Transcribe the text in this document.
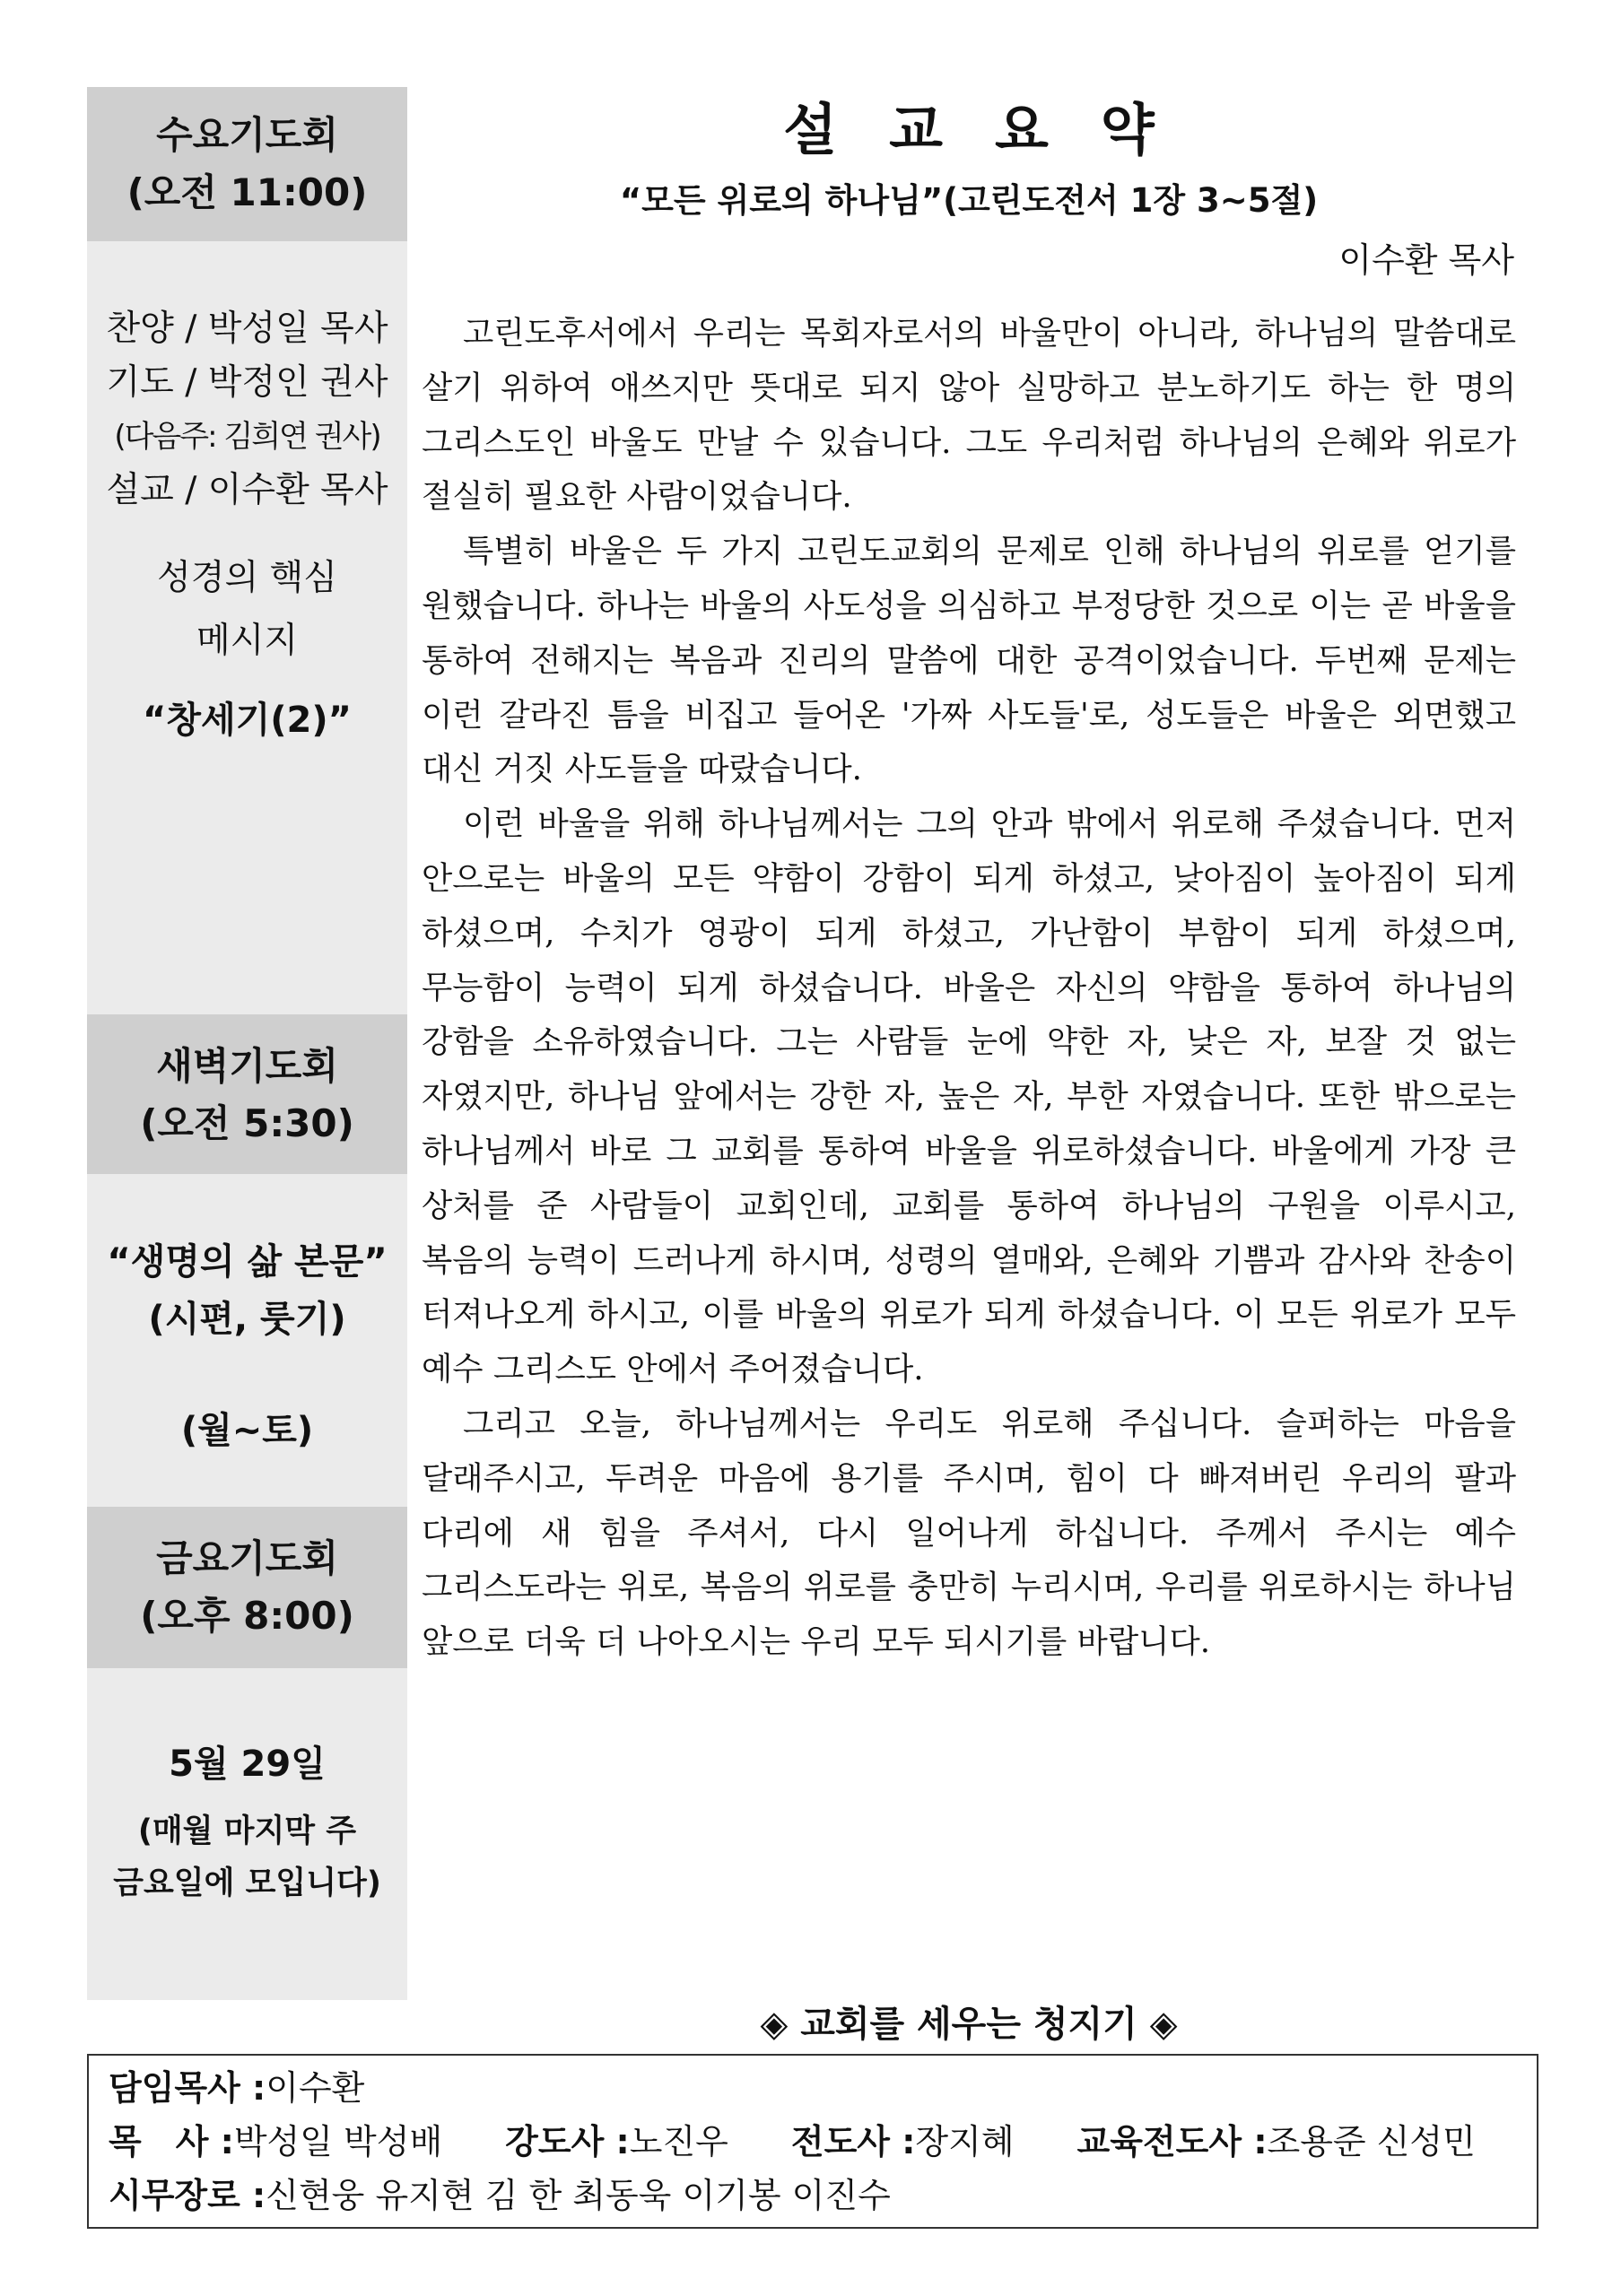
수요기도회
(오전 11:00)
찬양 / 박성일 목사
기도 / 박정인 권사
(다음주: 김희연 권사)
설교 / 이수환 목사
성경의 핵심
메시지
“창세기(2)”
새벽기도회
(오전 5:30)
“생명의 삶 본문”
(시편, 룻기)
(월~토)
금요기도회
(오후 8:00)
5월 29일
(매월 마지막 주
금요일에 모입니다)
설교요약
“모든 위로의 하나님”(고린도전서 1장 3~5절)
이수환 목사

고린도후서에서 우리는 목회자로서의 바울만이 아니라, 하나님의 말씀대로 살기 위하여 애쓰지만 뜻대로 되지 않아 실망하고 분노하기도 하는 한 명의 그리스도인 바울도 만날 수 있습니다. 그도 우리처럼 하나님의 은혜와 위로가 절실히 필요한 사람이었습니다.

특별히 바울은 두 가지 고린도교회의 문제로 인해 하나님의 위로를 얻기를 원했습니다. 하나는 바울의 사도성을 의심하고 부정당한 것으로 이는 곧 바울을 통하여 전해지는 복음과 진리의 말씀에 대한 공격이었습니다. 두번째 문제는 이런 갈라진 틈을 비집고 들어온 '가짜 사도들'로, 성도들은 바울은 외면했고 대신 거짓 사도들을 따랐습니다.

이런 바울을 위해 하나님께서는 그의 안과 밖에서 위로해 주셨습니다. 먼저 안으로는 바울의 모든 약함이 강함이 되게 하셨고, 낮아짐이 높아짐이 되게 하셨으며, 수치가 영광이 되게 하셨고, 가난함이 부함이 되게 하셨으며, 무능함이 능력이 되게 하셨습니다. 바울은 자신의 약함을 통하여 하나님의 강함을 소유하였습니다. 그는 사람들 눈에 약한 자, 낮은 자, 보잘 것 없는 자였지만, 하나님 앞에서는 강한 자, 높은 자, 부한 자였습니다. 또한 밖으로는 하나님께서 바로 그 교회를 통하여 바울을 위로하셨습니다. 바울에게 가장 큰 상처를 준 사람들이 교회인데, 교회를 통하여 하나님의 구원을 이루시고, 복음의 능력이 드러나게 하시며, 성령의 열매와, 은혜와 기쁨과 감사와 찬송이 터져나오게 하시고, 이를 바울의 위로가 되게 하셨습니다. 이 모든 위로가 모두 예수 그리스도 안에서 주어졌습니다.

그리고 오늘, 하나님께서는 우리도 위로해 주십니다. 슬퍼하는 마음을 달래주시고, 두려운 마음에 용기를 주시며, 힘이 다 빠져버린 우리의 팔과 다리에 새 힘을 주셔서, 다시 일어나게 하십니다. 주께서 주시는 예수 그리스도라는 위로, 복음의 위로를 충만히 누리시며, 우리를 위로하시는 하나님 앞으로 더욱 더 나아오시는 우리 모두 되시기를 바랍니다.

◈ 교회를 세우는 청지기 ◈
담임목사 :이수환
목　사 :박성일 박성배 강도사 :노진우 전도사 :장지혜 교육전도사 :조용준 신성민
시무장로 :신현웅 유지현 김 한 최동욱 이기봉 이진수
